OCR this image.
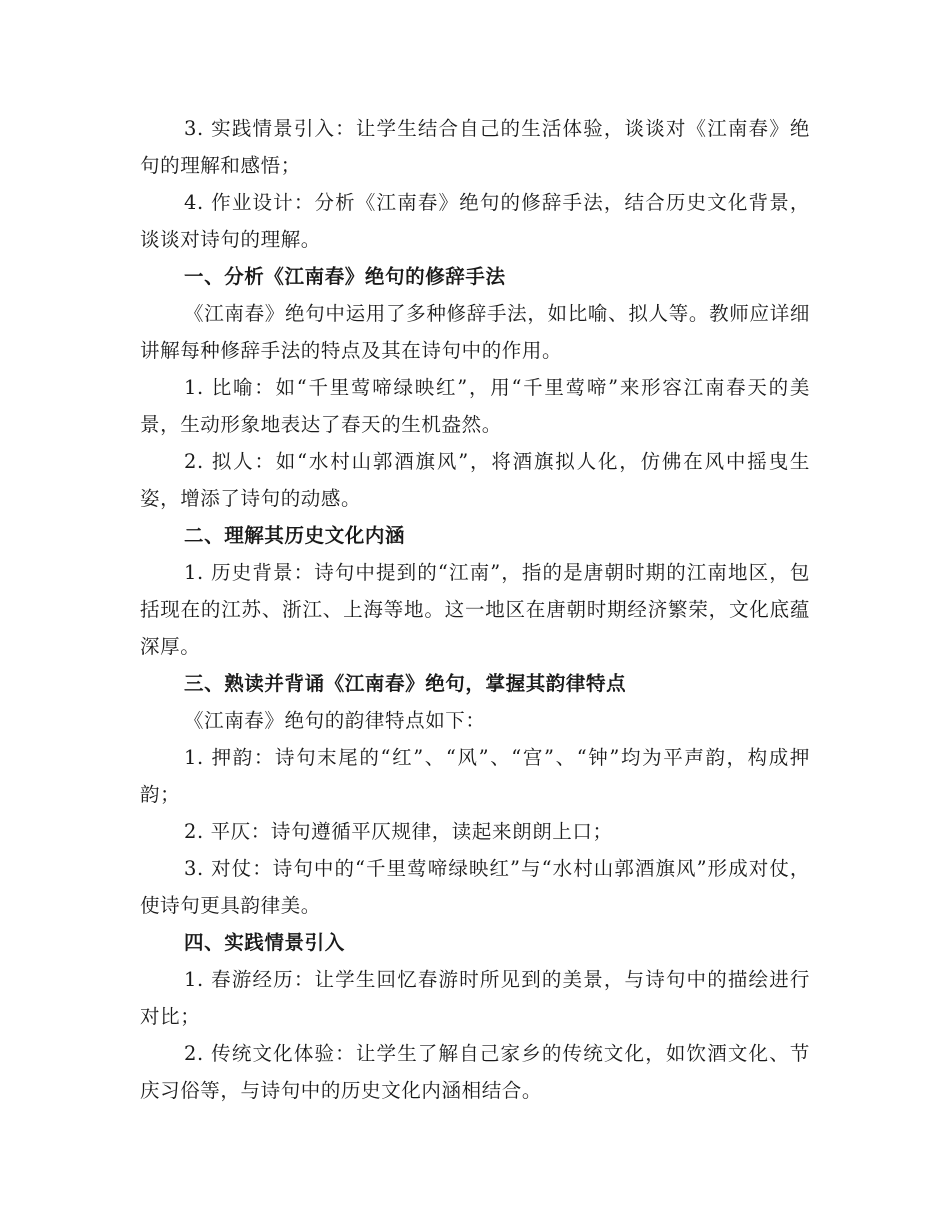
3. 实践情景引入：让学生结合自己的生活体验，谈谈对《江南春》绝句的理解和感悟；

4. 作业设计：分析《江南春》绝句的修辞手法，结合历史文化背景，谈谈对诗句的理解。

一、分析《江南春》绝句的修辞手法

《江南春》绝句中运用了多种修辞手法，如比喻、拟人等。教师应详细讲解每种修辞手法的特点及其在诗句中的作用。

1. 比喻：如“千里莺啼绿映红”，用“千里莺啼”来形容江南春天的美景，生动形象地表达了春天的生机盎然。

2. 拟人：如“水村山郭酒旗风”，将酒旗拟人化，仿佛在风中摇曳生姿，增添了诗句的动感。

二、理解其历史文化内涵

1. 历史背景：诗句中提到的“江南”，指的是唐朝时期的江南地区，包括现在的江苏、浙江、上海等地。这一地区在唐朝时期经济繁荣，文化底蕴深厚。

三、熟读并背诵《江南春》绝句，掌握其韵律特点

《江南春》绝句的韵律特点如下：

1. 押韵：诗句末尾的“红”、“风”、“宫”、“钟”均为平声韵，构成押韵；

2. 平仄：诗句遵循平仄规律，读起来朗朗上口；

3. 对仗：诗句中的“千里莺啼绿映红”与“水村山郭酒旗风”形成对仗，使诗句更具韵律美。

四、实践情景引入

1. 春游经历：让学生回忆春游时所见到的美景，与诗句中的描绘进行对比；

2. 传统文化体验：让学生了解自己家乡的传统文化，如饮酒文化、节庆习俗等，与诗句中的历史文化内涵相结合。
